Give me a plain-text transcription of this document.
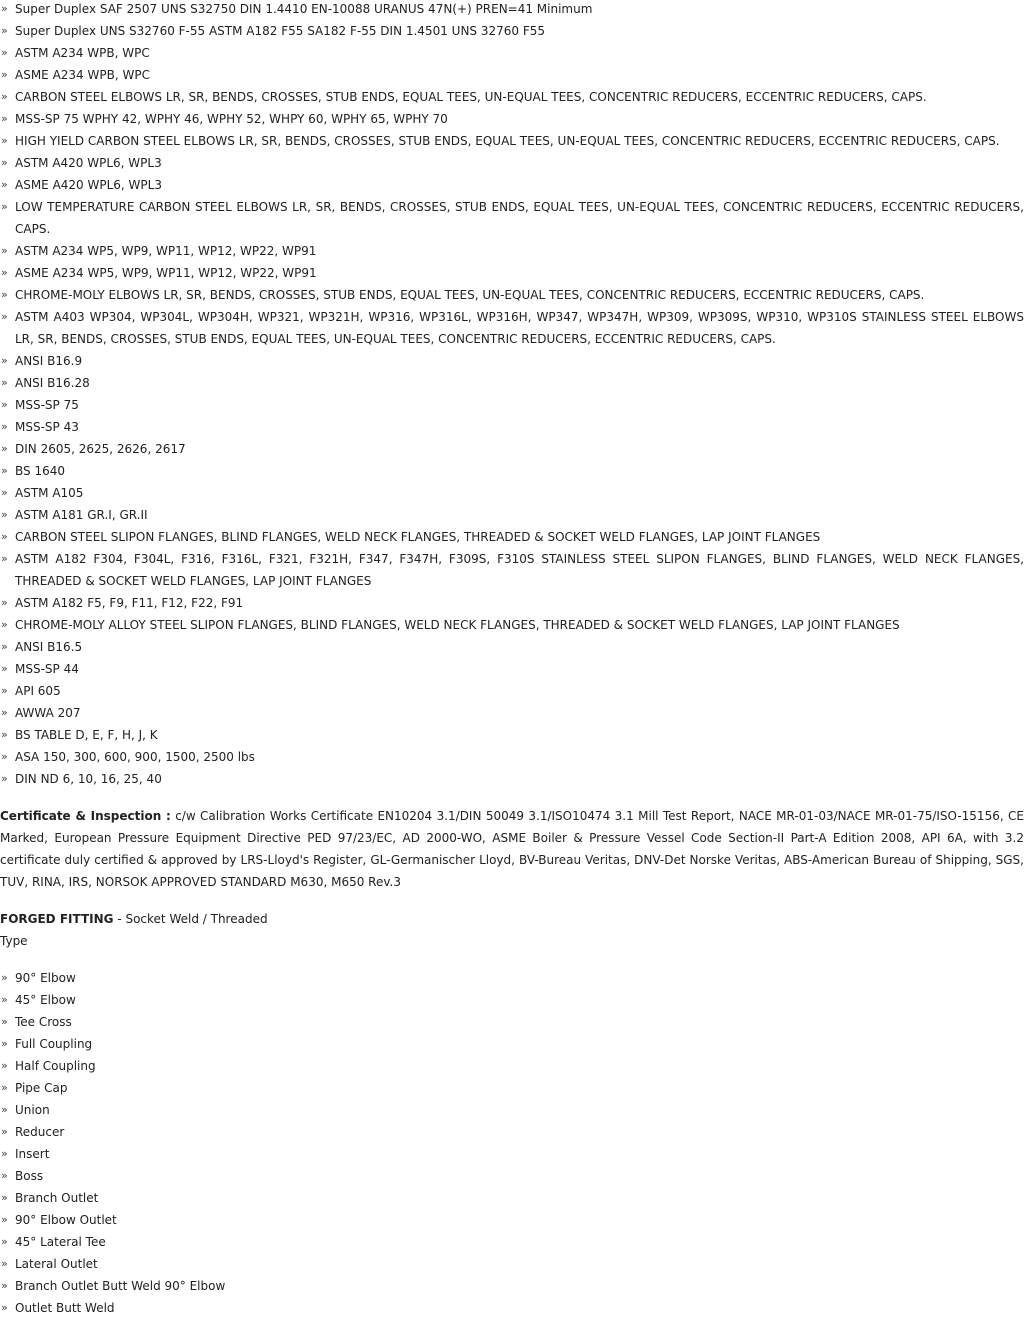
» Super Duplex SAF 2507 UNS S32750 DIN 1.4410 EN-10088 URANUS 47N(+) PREN=41 Minimum
» Super Duplex UNS S32760 F-55 ASTM A182 F55 SA182 F-55 DIN 1.4501 UNS 32760 F55
» ASTM A234 WPB, WPC
» ASME A234 WPB, WPC
» CARBON STEEL ELBOWS LR, SR, BENDS, CROSSES, STUB ENDS, EQUAL TEES, UN-EQUAL TEES, CONCENTRIC REDUCERS, ECCENTRIC REDUCERS, CAPS.
» MSS-SP 75 WPHY 42, WPHY 46, WPHY 52, WHPY 60, WPHY 65, WPHY 70
» HIGH YIELD CARBON STEEL ELBOWS LR, SR, BENDS, CROSSES, STUB ENDS, EQUAL TEES, UN-EQUAL TEES, CONCENTRIC REDUCERS, ECCENTRIC REDUCERS, CAPS.
» ASTM A420 WPL6, WPL3
» ASME A420 WPL6, WPL3
» LOW TEMPERATURE CARBON STEEL ELBOWS LR, SR, BENDS, CROSSES, STUB ENDS, EQUAL TEES, UN-EQUAL TEES, CONCENTRIC REDUCERS, ECCENTRIC REDUCERS, CAPS.
» ASTM A234 WP5, WP9, WP11, WP12, WP22, WP91
» ASME A234 WP5, WP9, WP11, WP12, WP22, WP91
» CHROME-MOLY ELBOWS LR, SR, BENDS, CROSSES, STUB ENDS, EQUAL TEES, UN-EQUAL TEES, CONCENTRIC REDUCERS, ECCENTRIC REDUCERS, CAPS.
» ASTM A403 WP304, WP304L, WP304H, WP321, WP321H, WP316, WP316L, WP316H, WP347, WP347H, WP309, WP309S, WP310, WP310S STAINLESS STEEL ELBOWS LR, SR, BENDS, CROSSES, STUB ENDS, EQUAL TEES, UN-EQUAL TEES, CONCENTRIC REDUCERS, ECCENTRIC REDUCERS, CAPS.
» ANSI B16.9
» ANSI B16.28
» MSS-SP 75
» MSS-SP 43
» DIN 2605, 2625, 2626, 2617
» BS 1640
» ASTM A105
» ASTM A181 GR.I, GR.II
» CARBON STEEL SLIPON FLANGES, BLIND FLANGES, WELD NECK FLANGES, THREADED & SOCKET WELD FLANGES, LAP JOINT FLANGES
» ASTM A182 F304, F304L, F316, F316L, F321, F321H, F347, F347H, F309S, F310S STAINLESS STEEL SLIPON FLANGES, BLIND FLANGES, WELD NECK FLANGES, THREADED & SOCKET WELD FLANGES, LAP JOINT FLANGES
» ASTM A182 F5, F9, F11, F12, F22, F91
» CHROME-MOLY ALLOY STEEL SLIPON FLANGES, BLIND FLANGES, WELD NECK FLANGES, THREADED & SOCKET WELD FLANGES, LAP JOINT FLANGES
» ANSI B16.5
» MSS-SP 44
» API 605
» AWWA 207
» BS TABLE D, E, F, H, J, K
» ASA 150, 300, 600, 900, 1500, 2500 lbs
» DIN ND 6, 10, 16, 25, 40

Certificate & Inspection : c/w Calibration Works Certificate EN10204 3.1/DIN 50049 3.1/ISO10474 3.1 Mill Test Report, NACE MR-01-03/NACE MR-01-75/ISO-15156, CE Marked, European Pressure Equipment Directive PED 97/23/EC, AD 2000-WO, ASME Boiler & Pressure Vessel Code Section-II Part-A Edition 2008, API 6A, with 3.2 certificate duly certified & approved by LRS-Lloyd's Register, GL-Germanischer Lloyd, BV-Bureau Veritas, DNV-Det Norske Veritas, ABS-American Bureau of Shipping, SGS, TUV, RINA, IRS, NORSOK APPROVED STANDARD M630, M650 Rev.3

FORGED FITTING - Socket Weld / Threaded
Type
» 90° Elbow
» 45° Elbow
» Tee Cross
» Full Coupling
» Half Coupling
» Pipe Cap
» Union
» Reducer
» Insert
» Boss
» Branch Outlet
» 90° Elbow Outlet
» 45° Lateral Tee
» Lateral Outlet
» Branch Outlet Butt Weld 90° Elbow
» Outlet Butt Weld
